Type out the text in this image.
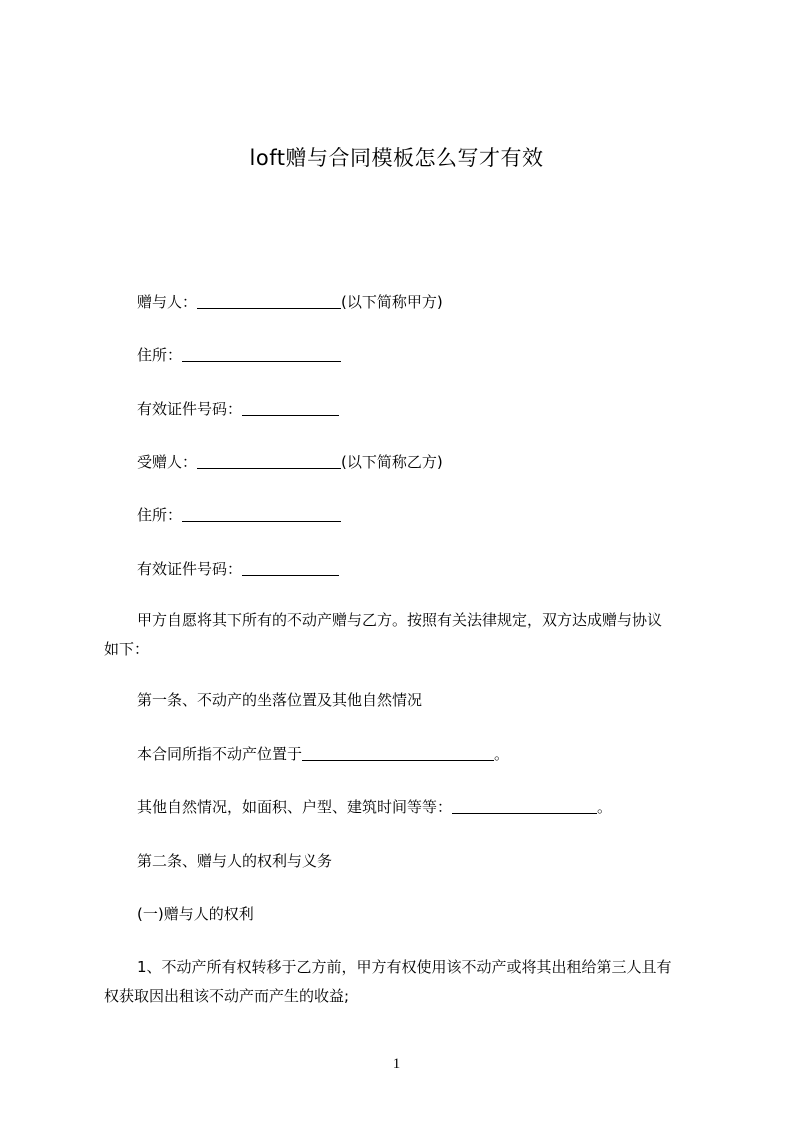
loft赠与合同模板怎么写才有效
赠与人：	(以下简称甲方)
住所：
有效证件号码：
受赠人：	(以下简称乙方)
住所：
有效证件号码：
甲方自愿将其下所有的不动产赠与乙方。按照有关法律规定，双方达成赠与协议
如下：
第一条、不动产的坐落位置及其他自然情况
本合同所指不动产位置于	。
其他自然情况，如面积、户型、建筑时间等等：	。
第二条、赠与人的权利与义务
(一)赠与人的权利
1、不动产所有权转移于乙方前，甲方有权使用该不动产或将其出租给第三人且有
权获取因出租该不动产而产生的收益;
1
